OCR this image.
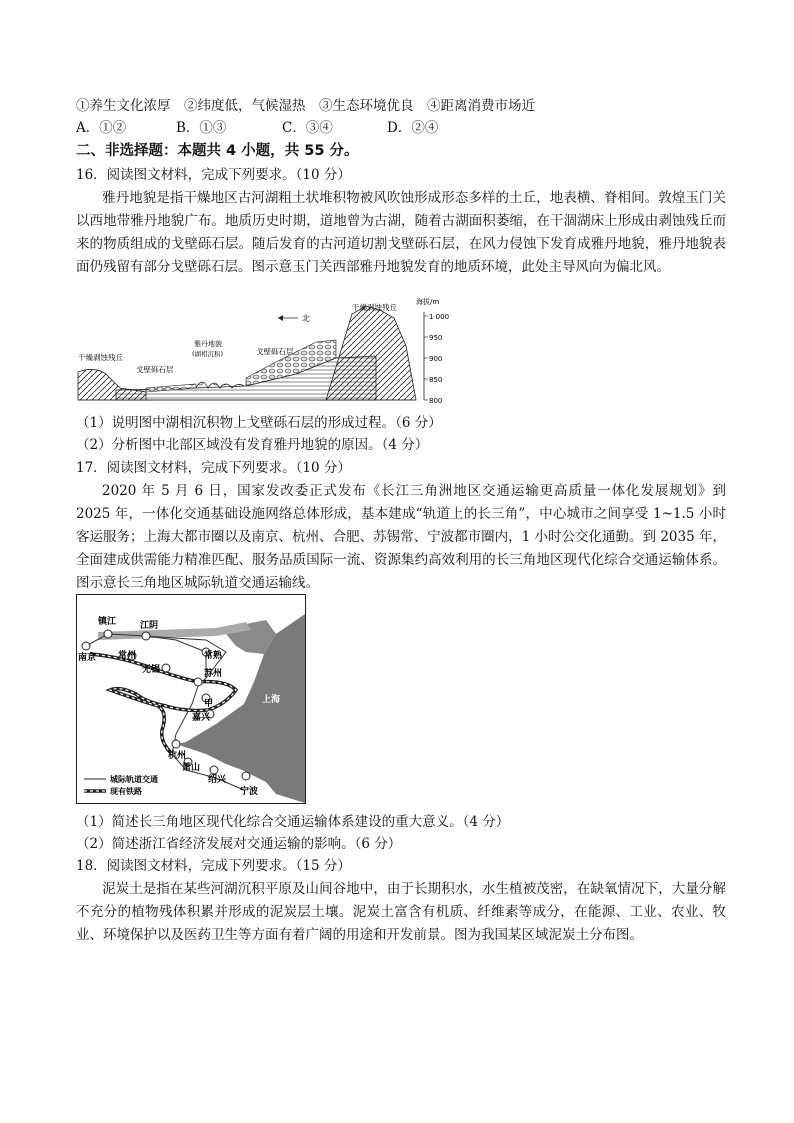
①养生文化浓厚　②纬度低，气候湿热　③生态环境优良　④距离消费市场近
A．①②	B．①③	C．③④	D．②④
二、非选择题：本题共 4 小题，共 55 分。
16．阅读图文材料，完成下列要求。（10 分）
雅丹地貌是指干燥地区古河湖粗土状堆积物被风吹蚀形成形态多样的土丘，地表横、脊相间。敦煌玉门关以西地带雅丹地貌广布。地质历史时期，道地曾为古湖，随着古湖面积萎缩，在干涸湖床上形成由剥蚀残丘而来的物质组成的戈壁砾石层。随后发育的古河道切割戈壁砾石层，在风力侵蚀下发育成雅丹地貌，雅丹地貌表面仍残留有部分戈壁砾石层。图示意玉门关西部雅丹地貌发育的地质环境，此处主导风向为偏北风。
1 000
950
900
850
800
海拔/m
北
干燥剥蚀残丘
戈壁砾石层
雅丹地貌
(湖相沉积)	戈壁砾石层
干燥剥蚀残丘
（1）说明图中湖相沉积物上戈壁砾石层的形成过程。（6 分）
（2）分析图中北部区域没有发育雅丹地貌的原因。（4 分）
17．阅读图文材料，完成下列要求。（10 分）
2020 年 5 月 6 日，国家发改委正式发布《长江三角洲地区交通运输更高质量一体化发展规划》到 2025 年，一体化交通基础设施网络总体形成，基本建成“轨道上的长三角”，中心城市之间享受 1~1.5 小时客运服务；上海大都市圈以及南京、杭州、合肥、苏锡常、宁波都市圈内，1 小时公交化通勤。到 2035 年，全面建成供需能力精准匹配、服务品质国际一流、资源集约高效利用的长三角地区现代化综合交通运输体系。图示意长三角地区城际轨道交通运输线。
镇江	江阴
南京 常州
无锡
常熟
苏州
甲
嘉兴
上海
杭州
萧山
绍兴
宁波
城际轨道交通
现有铁路
（1）简述长三角地区现代化综合交通运输体系建设的重大意义。（4 分）
（2）简述浙江省经济发展对交通运输的影响。（6 分）
18．阅读图文材料，完成下列要求。（15 分）
泥炭土是指在某些河湖沉积平原及山间谷地中，由于长期积水，水生植被茂密，在缺氧情况下，大量分解不充分的植物残体积累并形成的泥炭层土壤。泥炭土富含有机质、纤维素等成分，在能源、工业、农业、牧业、环境保护以及医药卫生等方面有着广阔的用途和开发前景。图为我国某区域泥炭土分布图。
